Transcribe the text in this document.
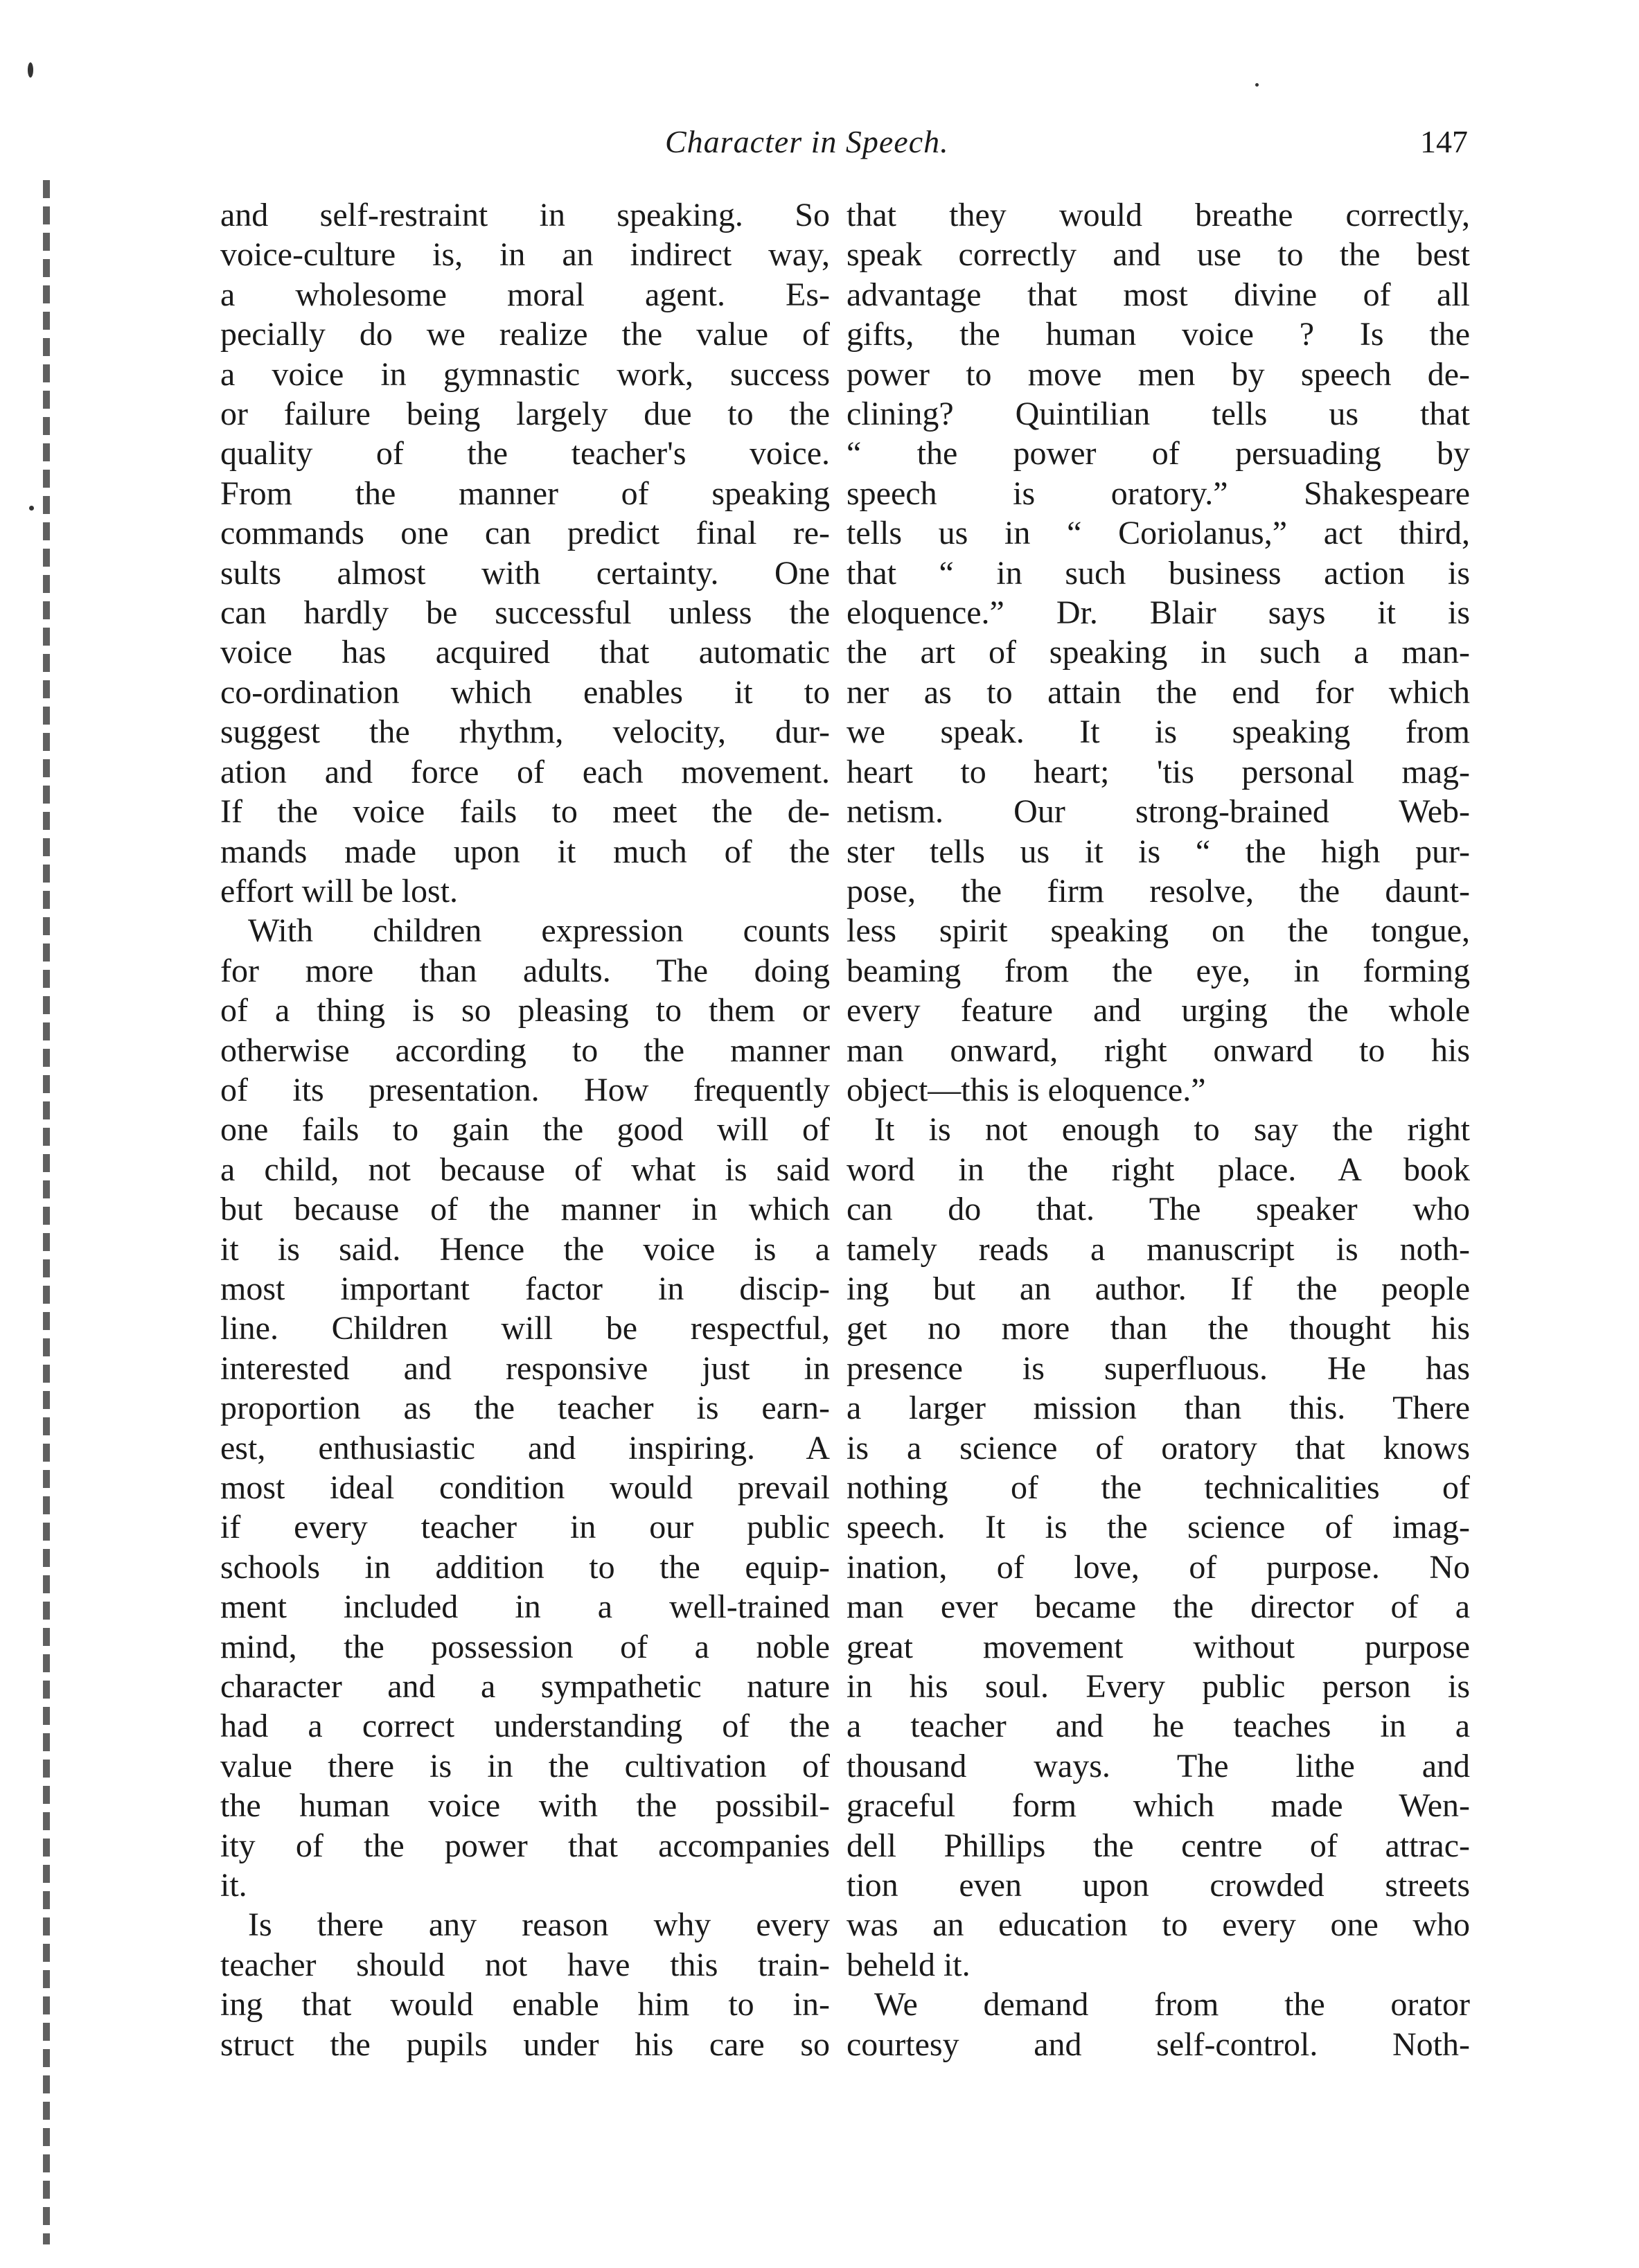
Character in Speech.	147
and self-restraint in speaking. So
voice-culture is, in an indirect way,
a wholesome moral agent. Es-
pecially do we realize the value of
a voice in gymnastic work, success
or failure being largely due to the
quality of the teacher's voice.
From the manner of speaking
commands one can predict final re-
sults almost with certainty. One
can hardly be successful unless the
voice has acquired that automatic
co-ordination which enables it to
suggest the rhythm, velocity, dur-
ation and force of each movement.
If the voice fails to meet the de-
mands made upon it much of the
effort will be lost.
With children expression counts
for more than adults. The doing
of a thing is so pleasing to them or
otherwise according to the manner
of its presentation. How frequently
one fails to gain the good will of
a child, not because of what is said
but because of the manner in which
it is said. Hence the voice is a
most important factor in discip-
line. Children will be respectful,
interested and responsive just in
proportion as the teacher is earn-
est, enthusiastic and inspiring. A
most ideal condition would prevail
if every teacher in our public
schools in addition to the equip-
ment included in a well-trained
mind, the possession of a noble
character and a sympathetic nature
had a correct understanding of the
value there is in the cultivation of
the human voice with the possibil-
ity of the power that accompanies
it.
Is there any reason why every
teacher should not have this train-
ing that would enable him to in-
struct the pupils under his care so
that they would breathe correctly,
speak correctly and use to the best
advantage that most divine of all
gifts, the human voice ? Is the
power to move men by speech de-
clining? Quintilian tells us that
“ the power of persuading by
speech is oratory.” Shakespeare
tells us in “ Coriolanus,” act third,
that “ in such business action is
eloquence.” Dr. Blair says it is
the art of speaking in such a man-
ner as to attain the end for which
we speak. It is speaking from
heart to heart; 'tis personal mag-
netism. Our strong-brained Web-
ster tells us it is “ the high pur-
pose, the firm resolve, the daunt-
less spirit speaking on the tongue,
beaming from the eye, in forming
every feature and urging the whole
man onward, right onward to his
object—this is eloquence.”
It is not enough to say the right
word in the right place. A book
can do that. The speaker who
tamely reads a manuscript is noth-
ing but an author. If the people
get no more than the thought his
presence is superfluous. He has
a larger mission than this. There
is a science of oratory that knows
nothing of the technicalities of
speech. It is the science of imag-
ination, of love, of purpose. No
man ever became the director of a
great movement without purpose
in his soul. Every public person is
a teacher and he teaches in a
thousand ways. The lithe and
graceful form which made Wen-
dell Phillips the centre of attrac-
tion even upon crowded streets
was an education to every one who
beheld it.
We demand from the orator
courtesy and self-control. Noth-
